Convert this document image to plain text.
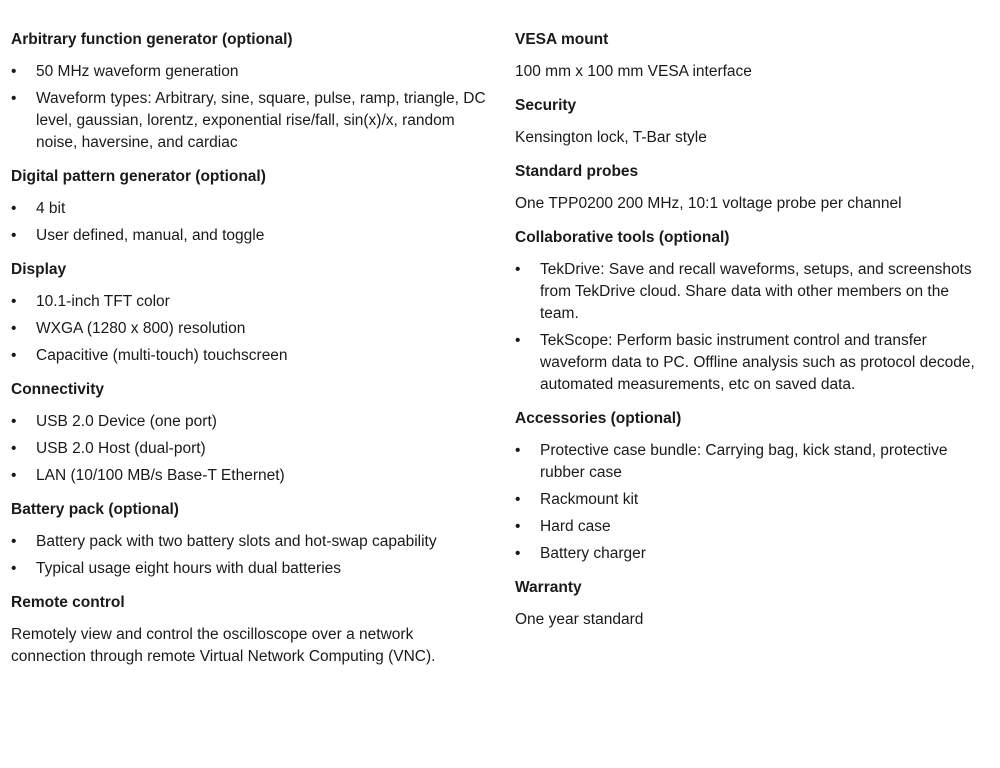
Arbitrary function generator (optional)
• 50 MHz waveform generation
• Waveform types: Arbitrary, sine, square, pulse, ramp, triangle, DC level, gaussian, lorentz, exponential rise/fall, sin(x)/x, random noise, haversine, and cardiac
Digital pattern generator (optional)
• 4 bit
• User defined, manual, and toggle
Display
• 10.1-inch TFT color
• WXGA (1280 x 800) resolution
• Capacitive (multi-touch) touchscreen
Connectivity
• USB 2.0 Device (one port)
• USB 2.0 Host (dual-port)
• LAN (10/100 MB/s Base-T Ethernet)
Battery pack (optional)
• Battery pack with two battery slots and hot-swap capability
• Typical usage eight hours with dual batteries
Remote control

Remotely view and control the oscilloscope over a network connection through remote Virtual Network Computing (VNC).

VESA mount

100 mm x 100 mm VESA interface

Security

Kensington lock, T-Bar style

Standard probes

One TPP0200 200 MHz, 10:1 voltage probe per channel

Collaborative tools (optional)
• TekDrive: Save and recall waveforms, setups, and screenshots from TekDrive cloud. Share data with other members on the team.
• TekScope: Perform basic instrument control and transfer waveform data to PC. Offline analysis such as protocol decode, automated measurements, etc on saved data.
Accessories (optional)
• Protective case bundle: Carrying bag, kick stand, protective rubber case
• Rackmount kit
• Hard case
• Battery charger
Warranty

One year standard
